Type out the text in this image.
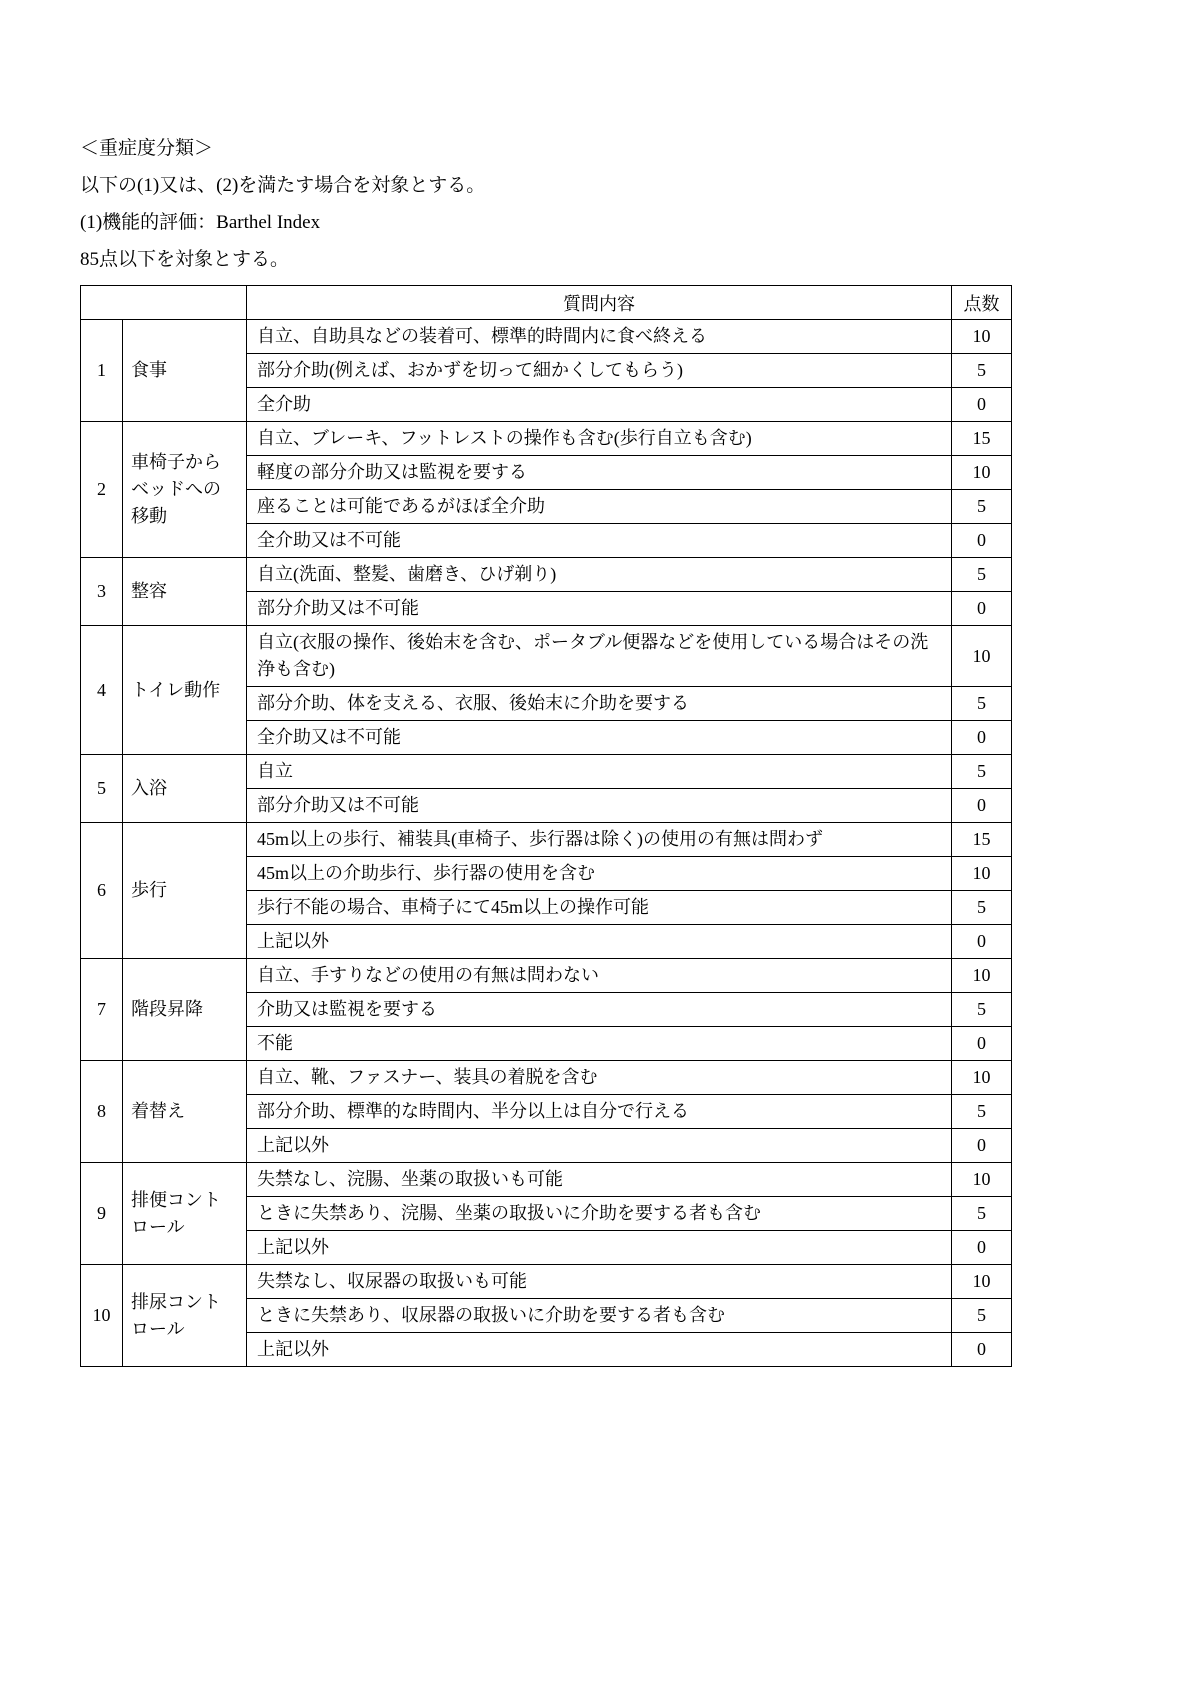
＜重症度分類＞

以下の(1)又は、(2)を満たす場合を対象とする。

(1)機能的評価：Barthel Index

85点以下を対象とする。

		質問内容	点数
1	食事	自立、自助具などの装着可、標準的時間内に食べ終える	10
		部分介助(例えば、おかずを切って細かくしてもらう)	5
		全介助	0
2	車椅子からベッドへの移動	自立、ブレーキ、フットレストの操作も含む(歩行自立も含む)	15
		軽度の部分介助又は監視を要する	10
		座ることは可能であるがほぼ全介助	5
		全介助又は不可能	0
3	整容	自立(洗面、整髪、歯磨き、ひげ剃り)	5
		部分介助又は不可能	0
4	トイレ動作	自立(衣服の操作、後始末を含む、ポータブル便器などを使用している場合はその洗浄も含む)	10
		部分介助、体を支える、衣服、後始末に介助を要する	5
		全介助又は不可能	0
5	入浴	自立	5
		部分介助又は不可能	0
6	歩行	45m以上の歩行、補装具(車椅子、歩行器は除く)の使用の有無は問わず	15
		45m以上の介助歩行、歩行器の使用を含む	10
		歩行不能の場合、車椅子にて45m以上の操作可能	5
		上記以外	0
7	階段昇降	自立、手すりなどの使用の有無は問わない	10
		介助又は監視を要する	5
		不能	0
8	着替え	自立、靴、ファスナー、装具の着脱を含む	10
		部分介助、標準的な時間内、半分以上は自分で行える	5
		上記以外	0
9	排便コントロール	失禁なし、浣腸、坐薬の取扱いも可能	10
		ときに失禁あり、浣腸、坐薬の取扱いに介助を要する者も含む	5
		上記以外	0
10	排尿コントロール	失禁なし、収尿器の取扱いも可能	10
		ときに失禁あり、収尿器の取扱いに介助を要する者も含む	5
		上記以外	0
